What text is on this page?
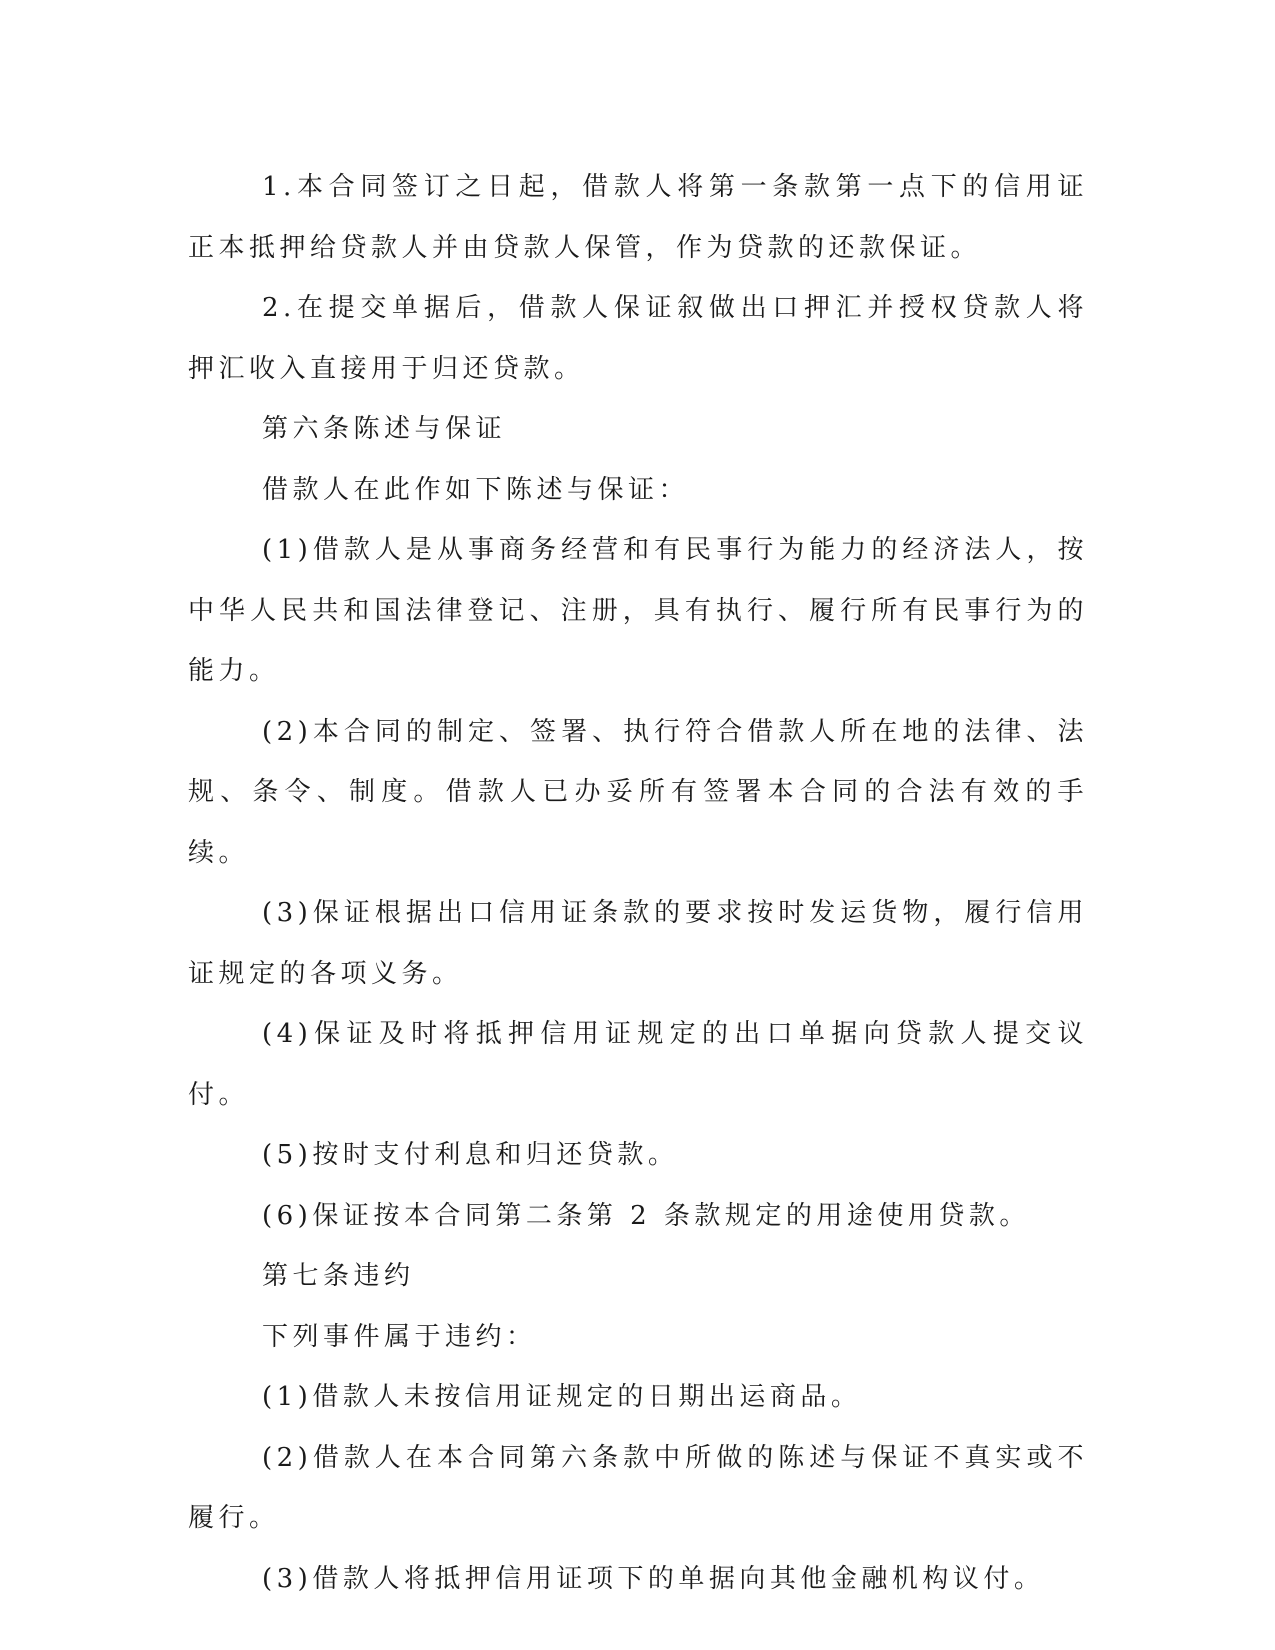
1.本合同签订之日起，借款人将第一条款第一点下的信用证正本抵押给贷款人并由贷款人保管，作为贷款的还款保证。

2.在提交单据后，借款人保证叙做出口押汇并授权贷款人将押汇收入直接用于归还贷款。

第六条陈述与保证

借款人在此作如下陈述与保证：

(1)借款人是从事商务经营和有民事行为能力的经济法人，按中华人民共和国法律登记、注册，具有执行、履行所有民事行为的能力。

(2)本合同的制定、签署、执行符合借款人所在地的法律、法规、条令、制度。借款人已办妥所有签署本合同的合法有效的手续。

(3)保证根据出口信用证条款的要求按时发运货物，履行信用证规定的各项义务。

(4)保证及时将抵押信用证规定的出口单据向贷款人提交议付。

(5)按时支付利息和归还贷款。

(6)保证按本合同第二条第 2 条款规定的用途使用贷款。

第七条违约

下列事件属于违约：

(1)借款人未按信用证规定的日期出运商品。

(2)借款人在本合同第六条款中所做的陈述与保证不真实或不履行。

(3)借款人将抵押信用证项下的单据向其他金融机构议付。
